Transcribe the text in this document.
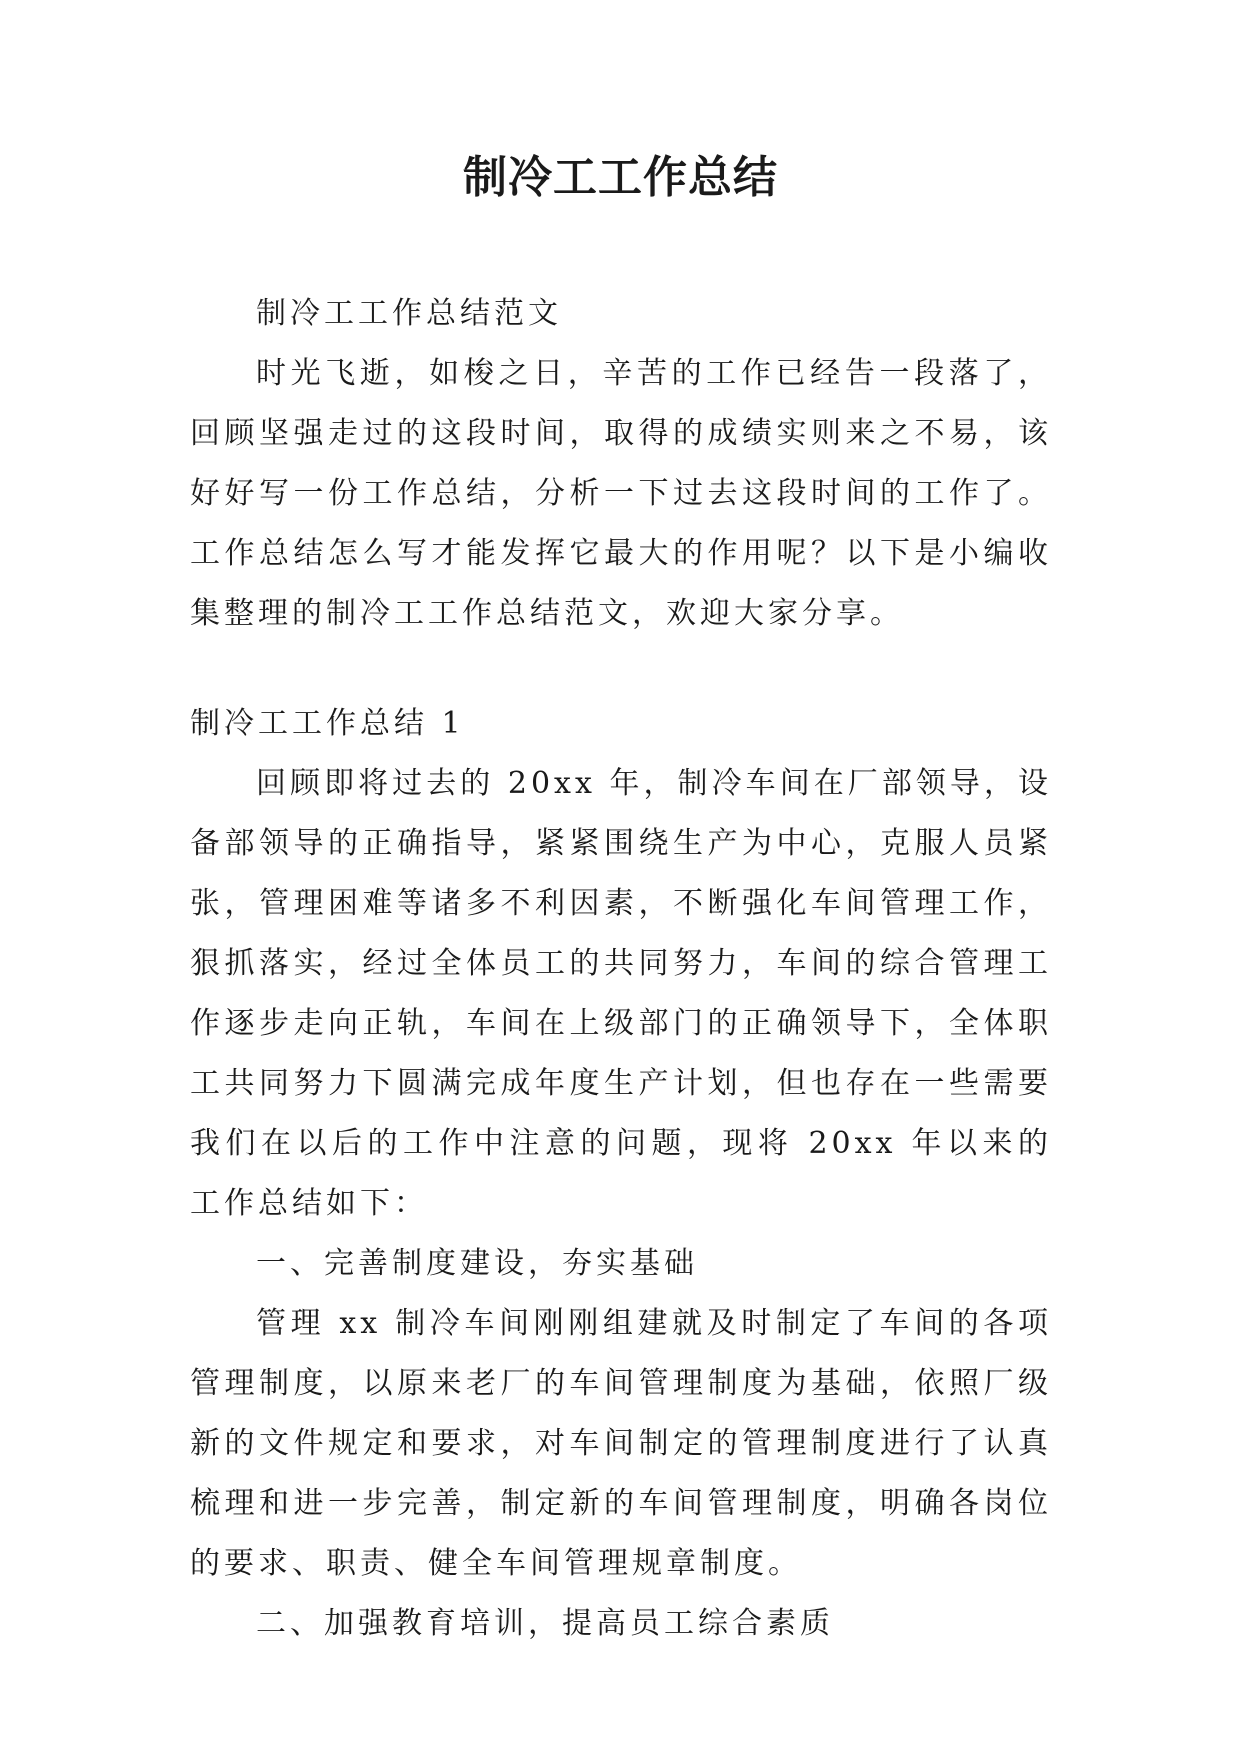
制冷工工作总结

制冷工工作总结范文

时光飞逝，如梭之日，辛苦的工作已经告一段落了，回顾坚强走过的这段时间，取得的成绩实则来之不易，该好好写一份工作总结，分析一下过去这段时间的工作了。工作总结怎么写才能发挥它最大的作用呢？以下是小编收集整理的制冷工工作总结范文，欢迎大家分享。

制冷工工作总结 1

回顾即将过去的 20xx 年，制冷车间在厂部领导，设备部领导的正确指导，紧紧围绕生产为中心，克服人员紧张，管理困难等诸多不利因素，不断强化车间管理工作，狠抓落实，经过全体员工的共同努力，车间的综合管理工作逐步走向正轨，车间在上级部门的正确领导下，全体职工共同努力下圆满完成年度生产计划，但也存在一些需要我们在以后的工作中注意的问题，现将 20xx 年以来的工作总结如下：

一、完善制度建设，夯实基础

管理 xx 制冷车间刚刚组建就及时制定了车间的各项管理制度，以原来老厂的车间管理制度为基础，依照厂级新的文件规定和要求，对车间制定的管理制度进行了认真梳理和进一步完善，制定新的车间管理制度，明确各岗位的要求、职责、健全车间管理规章制度。

二、加强教育培训，提高员工综合素质
